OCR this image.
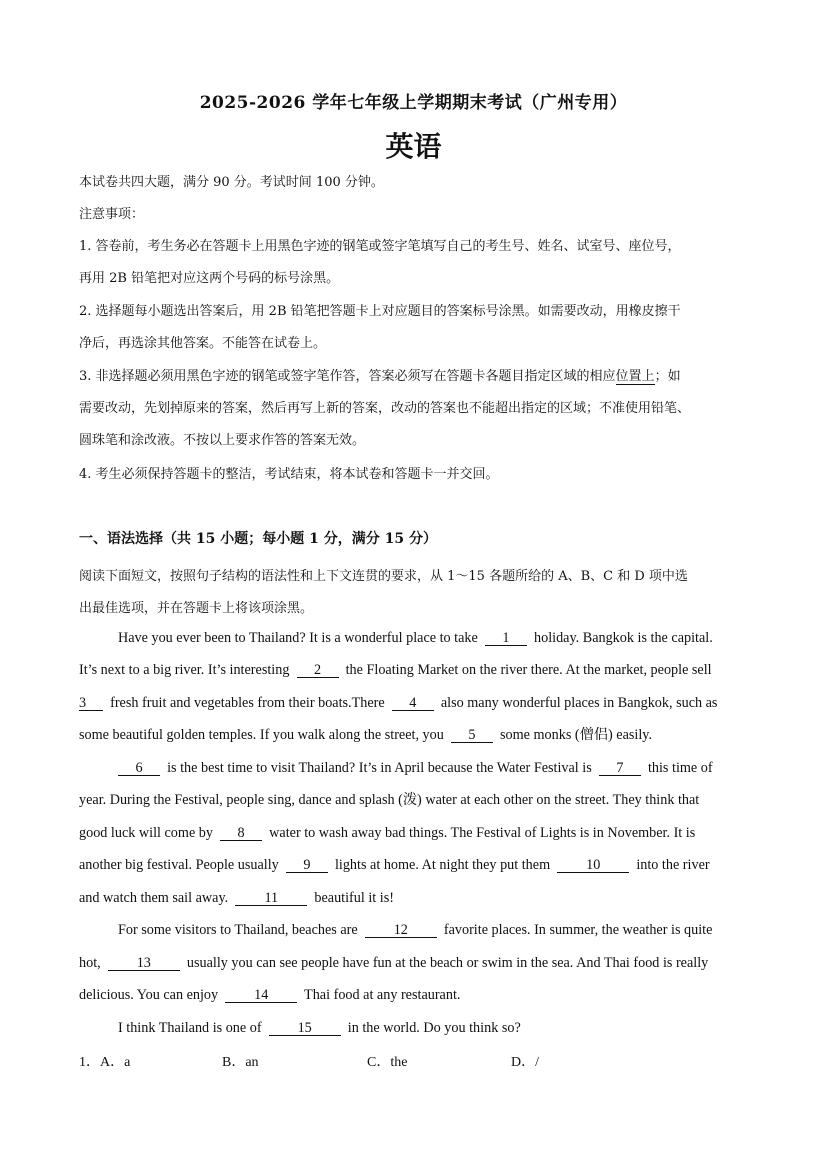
2025-2026 学年七年级上学期期末考试（广州专用）
英语
本试卷共四大题，满分 90 分。考试时间 100 分钟。
注意事项：
1. 答卷前，考生务必在答题卡上用黑色字迹的钢笔或签字笔填写自己的考生号、姓名、试室号、座位号，
再用 2B 铅笔把对应这两个号码的标号涂黑。
2. 选择题每小题选出答案后，用 2B 铅笔把答题卡上对应题目的答案标号涂黑。如需要改动，用橡皮擦干
净后，再选涂其他答案。不能答在试卷上。
3. 非选择题必须用黑色字迹的钢笔或签字笔作答，答案必须写在答题卡各题目指定区域的相应位置上；如
需要改动，先划掉原来的答案，然后再写上新的答案，改动的答案也不能超出指定的区域；不准使用铅笔、
圆珠笔和涂改液。不按以上要求作答的答案无效。
4. 考生必须保持答题卡的整洁，考试结束，将本试卷和答题卡一并交回。
一、语法选择（共 15 小题；每小题 1 分，满分 15 分）
阅读下面短文，按照句子结构的语法性和上下文连贯的要求，从 1～15 各题所给的 A、B、C 和 D 项中选
出最佳选项，并在答题卡上将该项涂黑。
Have you ever been to Thailand? It is a wonderful place to take 1 holiday. Bangkok is the capital.
It’s next to a big river. It’s interesting 2 the Floating Market on the river there. At the market, people sell
3 fresh fruit and vegetables from their boats.There 4 also many wonderful places in Bangkok, such as
some beautiful golden temples. If you walk along the street, you 5 some monks (僧侣) easily.
6 is the best time to visit Thailand? It’s in April because the Water Festival is 7 this time of
year. During the Festival, people sing, dance and splash (泼) water at each other on the street. They think that
good luck will come by 8 water to wash away bad things. The Festival of Lights is in November. It is
another big festival. People usually 9 lights at home. At night they put them	10	into the river
and watch them sail away.	11	beautiful it is!
For some visitors to Thailand, beaches are	12	favorite places. In summer, the weather is quite
hot,	13	usually you can see people have fun at the beach or swim in the sea. And Thai food is really
delicious. You can enjoy	14	Thai food at any restaurant.
I think Thailand is one of	15	in the world. Do you think so?
1． A．a	B．an	C．the	D．/
